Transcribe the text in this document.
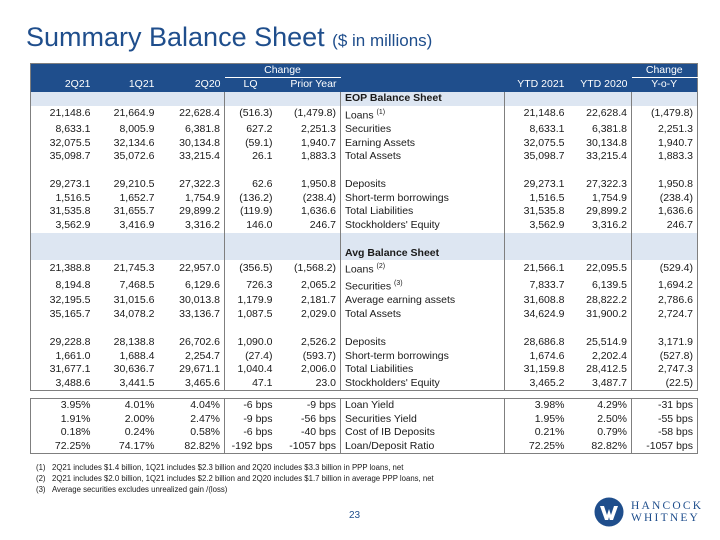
Summary Balance Sheet ($ in millions)
			Change					Change
2Q21	1Q21	2Q20	LQ	Prior Year		YTD 2021	YTD 2020	Y-o-Y
					EOP Balance Sheet			
21,148.6	21,664.9	22,628.4	(516.3)	(1,479.8)	Loans $^{(1)}$	21,148.6	22,628.4	(1,479.8)
8,633.1	8,005.9	6,381.8	627.2	2,251.3	Securities	8,633.1	6,381.8	2,251.3
32,075.5	32,134.6	30,134.8	(59.1)	1,940.7	Earning Assets	32,075.5	30,134.8	1,940.7
35,098.7	35,072.6	33,215.4	26.1	1,883.3	Total Assets	35,098.7	33,215.4	1,883.3

29,273.1	29,210.5	27,322.3	62.6	1,950.8	Deposits	29,273.1	27,322.3	1,950.8
1,516.5	1,652.7	1,754.9	(136.2)	(238.4)	Short-term borrowings	1,516.5	1,754.9	(238.4)
31,535.8	31,655.7	29,899.2	(119.9)	1,636.6	Total Liabilities	31,535.8	29,899.2	1,636.6
3,562.9	3,416.9	3,316.2	146.0	246.7	Stockholders' Equity	3,562.9	3,316.2	246.7

					Avg Balance Sheet			
21,388.8	21,745.3	22,957.0	(356.5)	(1,568.2)	Loans $^{(2)}$	21,566.1	22,095.5	(529.4)
8,194.8	7,468.5	6,129.6	726.3	2,065.2	Securities $^{(3)}$	7,833.7	6,139.5	1,694.2
32,195.5	31,015.6	30,013.8	1,179.9	2,181.7	Average earning assets	31,608.8	28,822.2	2,786.6
35,165.7	34,078.2	33,136.7	1,087.5	2,029.0	Total Assets	34,624.9	31,900.2	2,724.7

29,228.8	28,138.8	26,702.6	1,090.0	2,526.2	Deposits	28,686.8	25,514.9	3,171.9
1,661.0	1,688.4	2,254.7	(27.4)	(593.7)	Short-term borrowings	1,674.6	2,202.4	(527.8)
31,677.1	30,636.7	29,671.1	1,040.4	2,006.0	Total Liabilities	31,159.8	28,412.5	2,747.3
3,488.6	3,441.5	3,465.6	47.1	23.0	Stockholders' Equity	3,465.2	3,487.7	(22.5)
3.95%	4.01%	4.04%	-6 bps	-9 bps	Loan Yield	3.98%	4.29%	-31 bps
1.91%	2.00%	2.47%	-9 bps	-56 bps	Securities Yield	1.95%	2.50%	-55 bps
0.18%	0.24%	0.58%	-6 bps	-40 bps	Cost of IB Deposits	0.21%	0.79%	-58 bps
72.25%	74.17%	82.82%	-192 bps	-1057 bps	Loan/Deposit Ratio	72.25%	82.82%	-1057 bps
(1) 2Q21 includes $1.4 billion, 1Q21 includes $2.3 billion and 2Q20 includes $3.3 billion in PPP loans, net
(2) 2Q21 includes $2.0 billion, 1Q21 includes $2.2 billion and 2Q20 includes $1.7 billion in average PPP loans, net
(3) Average securities excludes unrealized gain /(loss)
23
HANCOCK
WHITNEY
